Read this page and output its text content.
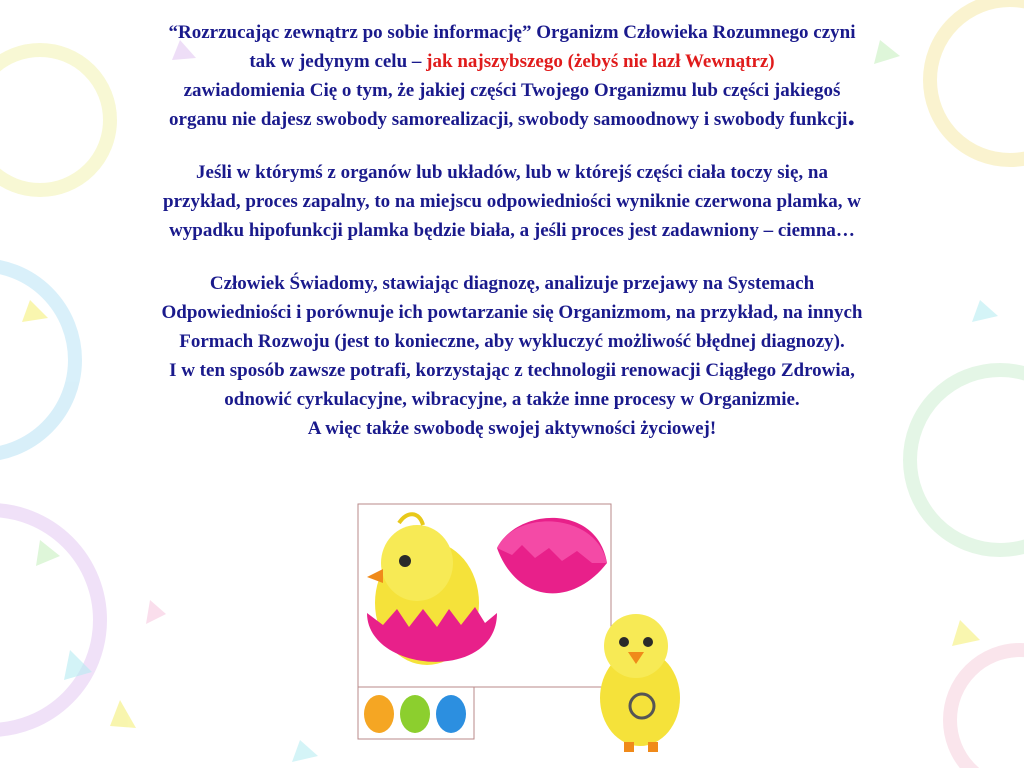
“Rozrzucając zewnątrz po sobie informację” Organizm Człowieka Rozumnego czyni
tak w jedynym celu – jak najszybszego (żebyś nie lazł Wewnątrz)
zawiadomienia Cię o tym, że jakiej części Twojego Organizmu lub części jakiegoś
organu nie dajesz swobody samorealizacji, swobody samoodnowy i swobody funkcji.

Jeśli w którymś z organów lub układów, lub w którejś części ciała toczy się, na
przykład, proces zapalny, to na miejscu odpowiedniości wyniknie czerwona plamka, w
wypadku hipofunkcji plamka będzie biała, a jeśli proces jest zadawniony – ciemna…

Człowiek Świadomy, stawiając diagnozę, analizuje przejawy na Systemach
Odpowiedniości i porównuje ich powtarzanie się Organizmom, na przykład, na innych
Formach Rozwoju (jest to konieczne, aby wykluczyć możliwość błędnej diagnozy).
I w ten sposób zawsze potrafi, korzystając z technologii renowacji Ciągłego Zdrowia,
odnowić cyrkulacyjne, wibracyjne, a także inne procesy w Organizmie.
A więc także swobodę swojej aktywności życiowej!
